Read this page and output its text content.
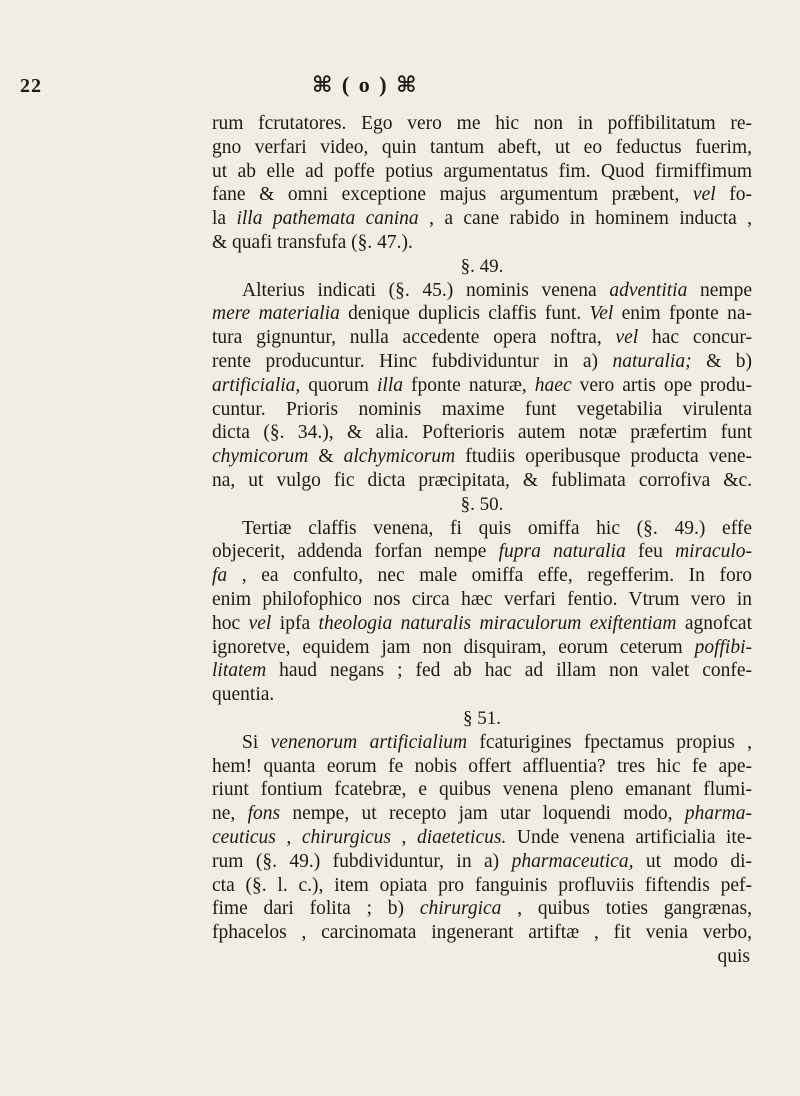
22	⌘ ( o ) ⌘
rum fcrutatores. Ego vero me hic non in poffibilitatum re-
gno verfari video, quin tantum abeft, ut eo feductus fuerim,
ut ab elle ad poffe potius argumentatus fim. Quod firmiffimum
fane & omni exceptione majus argumentum præbent, vel fo-
la illa pathemata canina , a cane rabido in hominem inducta ,
& quafi transfufa (§. 47.).
§. 49.
Alterius indicati (§. 45.) nominis venena adventitia nempe
mere materialia denique duplicis claffis funt. Vel enim fponte na-
tura gignuntur, nulla accedente opera noftra, vel hac concur-
rente producuntur. Hinc fubdividuntur in a) naturalia; & b)
artificialia, quorum illa fponte naturæ, haec vero artis ope produ-
cuntur. Prioris nominis maxime funt vegetabilia virulenta
dicta (§. 34.), & alia. Pofterioris autem notæ præfertim funt
chymicorum & alchymicorum ftudiis operibusque producta vene-
na, ut vulgo fic dicta præcipitata, & fublimata corrofiva &c.
§. 50.
Tertiæ claffis venena, fi quis omiffa hic (§. 49.) effe
objecerit, addenda forfan nempe fupra naturalia feu miraculo-
fa , ea confulto, nec male omiffa effe, regefferim. In foro
enim philofophico nos circa hæc verfari fentio. Vtrum vero in
hoc vel ipfa theologia naturalis miraculorum exiftentiam agnofcat
ignoretve, equidem jam non disquiram, eorum ceterum poffibi-
litatem haud negans ; fed ab hac ad illam non valet confe-
quentia.
§ 51.
Si venenorum artificialium fcaturigines fpectamus propius ,
hem! quanta eorum fe nobis offert affluentia? tres hic fe ape-
riunt fontium fcatebræ, e quibus venena pleno emanant flumi-
ne, fons nempe, ut recepto jam utar loquendi modo, pharma-
ceuticus , chirurgicus , diaeteticus. Unde venena artificialia ite-
rum (§. 49.) fubdividuntur, in a) pharmaceutica, ut modo di-
cta (§. l. c.), item opiata pro fanguinis profluviis fiftendis pef-
fime dari folita ; b) chirurgica , quibus toties gangrænas,
fphacelos , carcinomata ingenerant artiftæ , fit venia verbo,
quis
